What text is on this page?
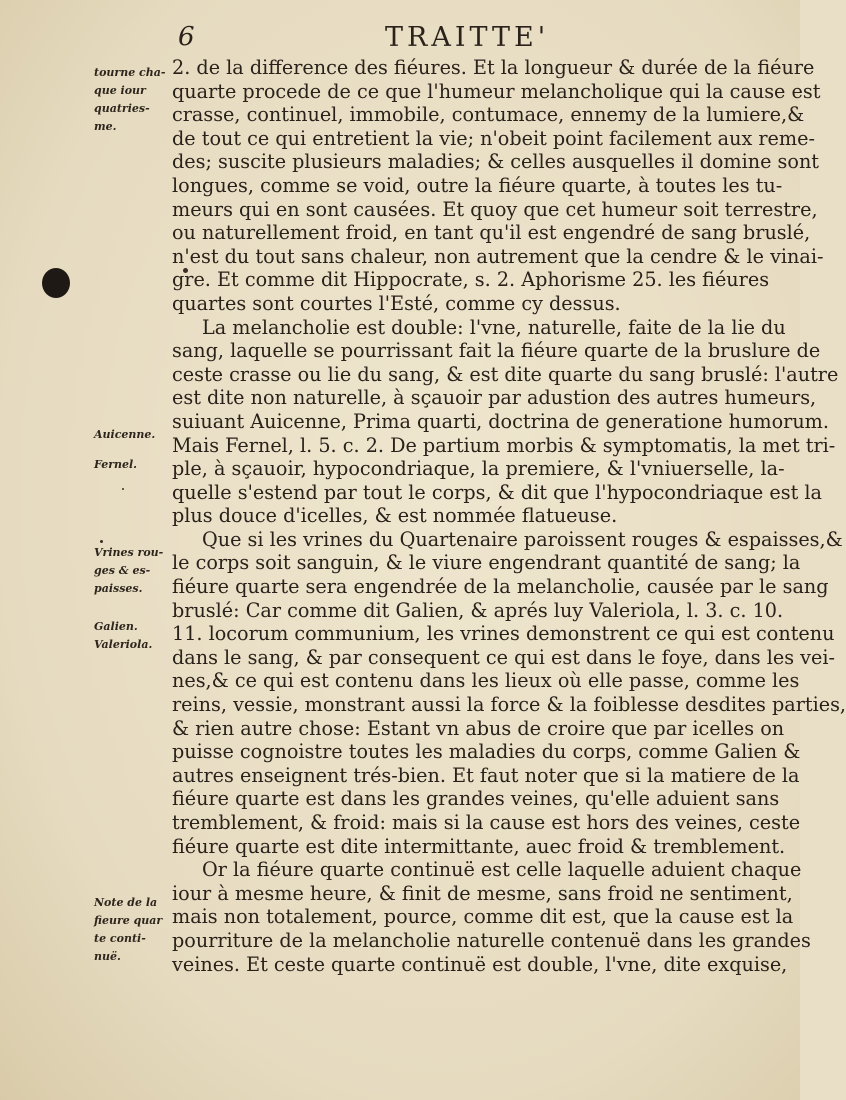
6	TRAITTE'
tourne cha-
que iour
quatries-
me.
Auicenne.
Fernel.
Vrines rou-
ges & es-
paisses.
Galien.
Valeriola.
Note de la
fieure quar
te conti-
nuë.
2. de la difference des fiéures. Et la longueur & durée de la fiéure
quarte procede de ce que l'humeur melancholique qui la cause est
crasse, continuel, immobile, contumace, ennemy de la lumiere,&
de tout ce qui entretient la vie; n'obeit point facilement aux reme-
des; suscite plusieurs maladies; & celles ausquelles il domine sont
longues, comme se void, outre la fiéure quarte, à toutes les tu-
meurs qui en sont causées. Et quoy que cet humeur soit terrestre,
ou naturellement froid, en tant qu'il est engendré de sang bruslé,
n'est du tout sans chaleur, non autrement que la cendre & le vinai-
gre. Et comme dit Hippocrate, s. 2. Aphorisme 25. les fiéures
quartes sont courtes l'Esté, comme cy dessus.
La melancholie est double: l'vne, naturelle, faite de la lie du
sang, laquelle se pourrissant fait la fiéure quarte de la bruslure de
ceste crasse ou lie du sang, & est dite quarte du sang bruslé: l'autre
est dite non naturelle, à sçauoir par adustion des autres humeurs,
suiuant Auicenne, Prima quarti, doctrina de generatione humorum.
Mais Fernel, l. 5. c. 2. De partium morbis & symptomatis, la met tri-
ple, à sçauoir, hypocondriaque, la premiere, & l'vniuerselle, la-
quelle s'estend par tout le corps, & dit que l'hypocondriaque est la
plus douce d'icelles, & est nommée flatueuse.
Que si les vrines du Quartenaire paroissent rouges & espaisses,&
le corps soit sanguin, & le viure engendrant quantité de sang; la
fiéure quarte sera engendrée de la melancholie, causée par le sang
bruslé: Car comme dit Galien, & aprés luy Valeriola, l. 3. c. 10.
11. locorum communium, les vrines demonstrent ce qui est contenu
dans le sang, & par consequent ce qui est dans le foye, dans les vei-
nes,& ce qui est contenu dans les lieux où elle passe, comme les
reins, vessie, monstrant aussi la force & la foiblesse desdites parties,
& rien autre chose: Estant vn abus de croire que par icelles on
puisse cognoistre toutes les maladies du corps, comme Galien &
autres enseignent trés-bien. Et faut noter que si la matiere de la
fiéure quarte est dans les grandes veines, qu'elle aduient sans
tremblement, & froid: mais si la cause est hors des veines, ceste
fiéure quarte est dite intermittante, auec froid & tremblement.
Or la fiéure quarte continuë est celle laquelle aduient chaque
iour à mesme heure, & finit de mesme, sans froid ne sentiment,
mais non totalement, pource, comme dit est, que la cause est la
pourriture de la melancholie naturelle contenuë dans les grandes
veines. Et ceste quarte continuë est double, l'vne, dite exquise,
